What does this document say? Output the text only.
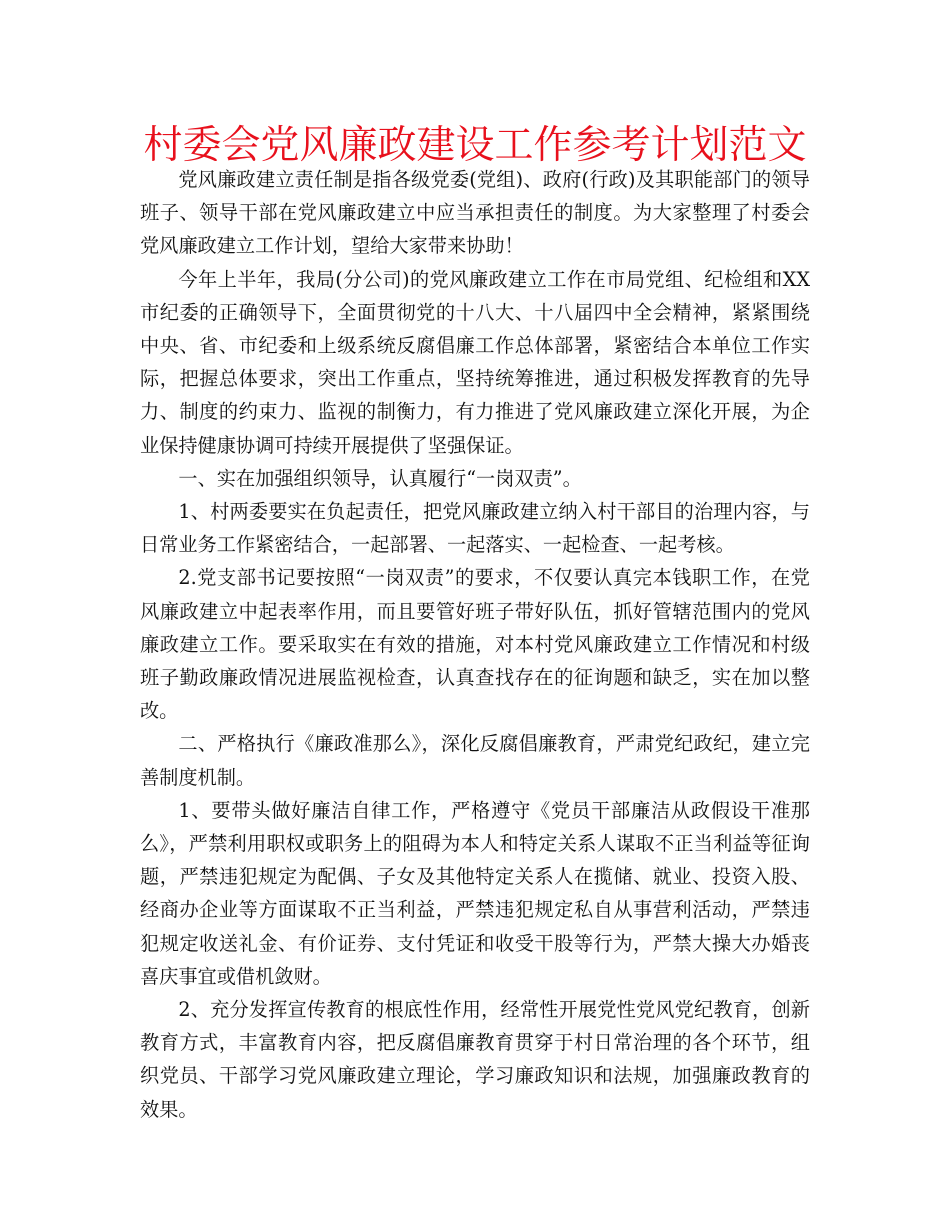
村委会党风廉政建设工作参考计划范文

党风廉政建立责任制是指各级党委(党组)、政府(行政)及其职能部门的领导班子、领导干部在党风廉政建立中应当承担责任的制度。为大家整理了村委会党风廉政建立工作计划，望给大家带来协助！

今年上半年，我局(分公司)的党风廉政建立工作在市局党组、纪检组和XX市纪委的正确领导下，全面贯彻党的十八大、十八届四中全会精神，紧紧围绕中央、省、市纪委和上级系统反腐倡廉工作总体部署，紧密结合本单位工作实际，把握总体要求，突出工作重点，坚持统筹推进，通过积极发挥教育的先导力、制度的约束力、监视的制衡力，有力推进了党风廉政建立深化开展，为企业保持健康协调可持续开展提供了坚强保证。

一、实在加强组织领导，认真履行“一岗双责”。

1、村两委要实在负起责任，把党风廉政建立纳入村干部目的治理内容，与日常业务工作紧密结合，一起部署、一起落实、一起检查、一起考核。

2.党支部书记要按照“一岗双责”的要求，不仅要认真完本钱职工作，在党风廉政建立中起表率作用，而且要管好班子带好队伍，抓好管辖范围内的党风廉政建立工作。要采取实在有效的措施，对本村党风廉政建立工作情况和村级班子勤政廉政情况进展监视检查，认真查找存在的征询题和缺乏，实在加以整改。

二、严格执行《廉政准那么》，深化反腐倡廉教育，严肃党纪政纪，建立完善制度机制。

1、要带头做好廉洁自律工作，严格遵守《党员干部廉洁从政假设干准那么》，严禁利用职权或职务上的阻碍为本人和特定关系人谋取不正当利益等征询题，严禁违犯规定为配偶、子女及其他特定关系人在揽储、就业、投资入股、经商办企业等方面谋取不正当利益，严禁违犯规定私自从事营利活动，严禁违犯规定收送礼金、有价证券、支付凭证和收受干股等行为，严禁大操大办婚丧喜庆事宜或借机敛财。

2、充分发挥宣传教育的根底性作用，经常性开展党性党风党纪教育，创新教育方式，丰富教育内容，把反腐倡廉教育贯穿于村日常治理的各个环节，组织党员、干部学习党风廉政建立理论，学习廉政知识和法规，加强廉政教育的效果。
